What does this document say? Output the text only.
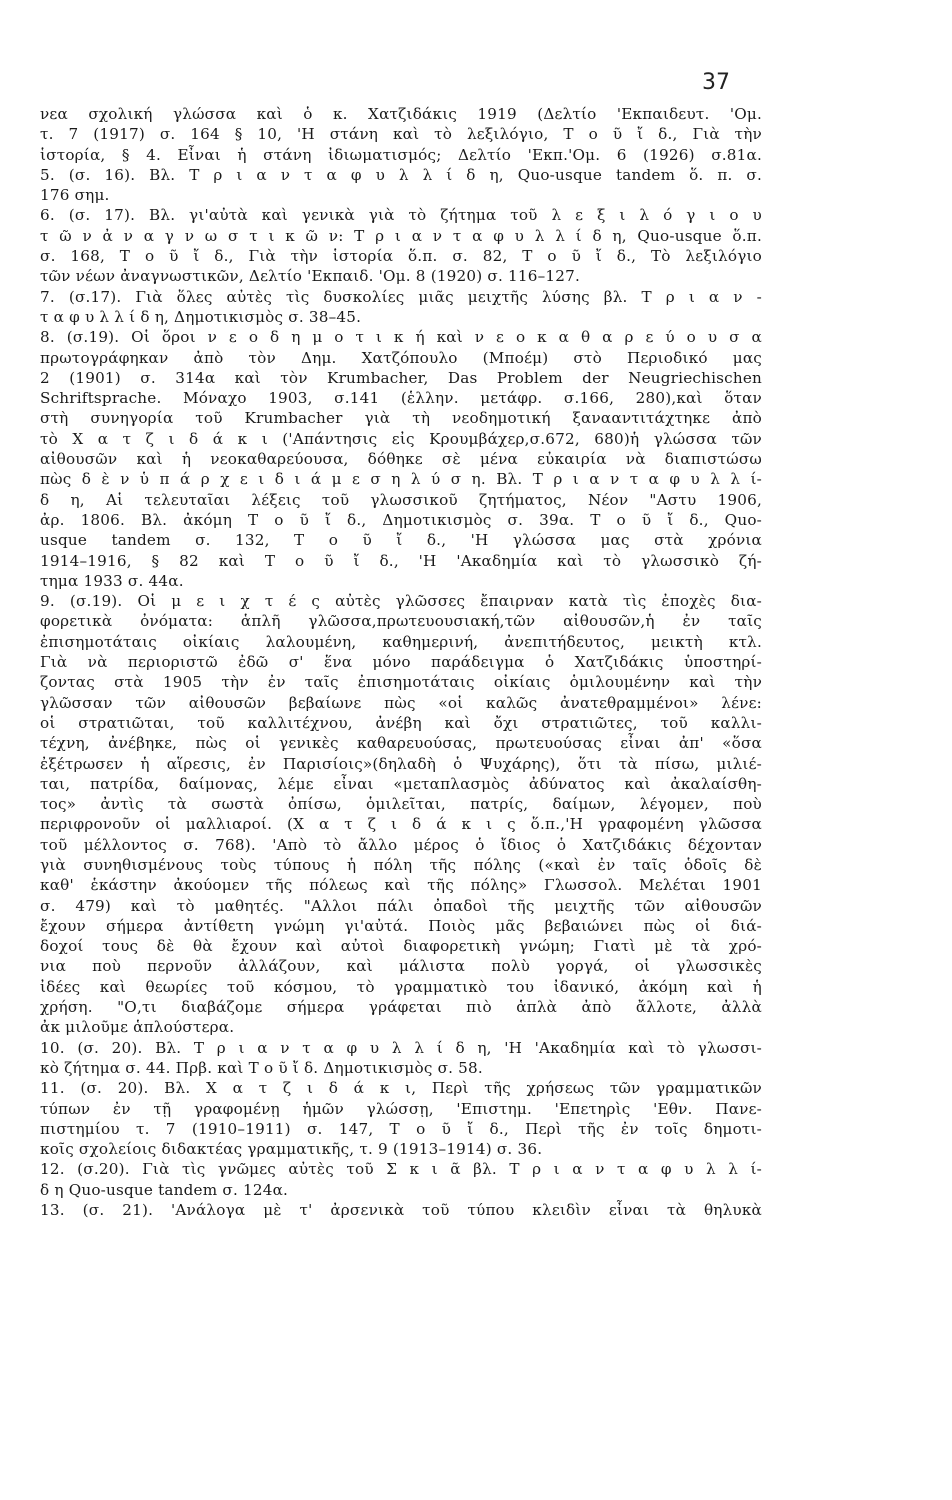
37
νεα σχολική γλώσσα καὶ ὁ κ. Χατζιδάκις 1919 (Δελτίο 'Εκπαιδευτ. 'Ομ.
τ. 7 (1917) σ. 164 § 10, 'Η στάνη καὶ τὸ λεξιλόγιο, Τ ο ῦ ἴ δ., Γιὰ τὴν
ἱστορία, § 4. Εἶναι ἡ στάνη ἰδιωματισμός; Δελτίο 'Εκπ.'Ομ. 6 (1926) σ.81α.
5. (σ. 16). Βλ. Τ ρ ι α ν τ α φ υ λ λ ί δ η, Quo-usque tandem ὅ. π. σ.
176 σημ.
6. (σ. 17). Βλ. γι'αὐτὰ καὶ γενικὰ γιὰ τὸ ζήτημα τοῦ λ ε ξ ι λ ό γ ι ο υ
τ ῶ ν ἀ ν α γ ν ω σ τ ι κ ῶ ν: Τ ρ ι α ν τ α φ υ λ λ ί δ η, Quo-usque ὅ.π.
σ. 168, Τ ο ῦ ἴ δ., Γιὰ τὴν ἱστορία ὅ.π. σ. 82, Τ ο ῦ ἴ δ., Τὸ λεξιλόγιο
τῶν νέων ἀναγνωστικῶν, Δελτίο 'Εκπαιδ. 'Ομ. 8 (1920) σ. 116–127.
7. (σ.17). Γιὰ ὅλες αὐτὲς τὶς δυσκολίες μιᾶς μειχτῆς λύσης βλ. Τ ρ ι α ν -
τ α φ υ λ λ ί δ η, Δημοτικισμὸς σ. 38–45.
8. (σ.19). Οἱ ὅροι ν ε ο δ η μ ο τ ι κ ή καὶ ν ε ο κ α θ α ρ ε ύ ο υ σ α
πρωτογράφηκαν ἀπὸ τὸν Δημ. Χατζόπουλο (Μποέμ) στὸ Περιοδικό μας
2 (1901) σ. 314α καὶ τὸν Krumbacher, Das Problem der Neugriechischen
Schriftsprache. Μόναχο 1903, σ.141 (ἑλλην. μετάφρ. σ.166, 280),καὶ ὅταν
στὴ συνηγορία τοῦ Krumbacher γιὰ τὴ νεοδημοτική ξανααντιτάχτηκε ἀπὸ
τὸ Χ α τ ζ ι δ ά κ ι ('Απάντησις εἰς Κρουμβάχερ,σ.672, 680)ἡ γλώσσα τῶν
αἰθουσῶν καὶ ἡ νεοκαθαρεύουσα, δόθηκε σὲ μένα εὐκαιρία νὰ διαπιστώσω
πὼς δ ὲ ν ὑ π ά ρ χ ε ι δ ι ά μ ε σ η λ ύ σ η. Βλ. Τ ρ ι α ν τ α φ υ λ λ ί-
δ η, Αἱ τελευταῖαι λέξεις τοῦ γλωσσικοῦ ζητήματος, Νέον "Αστυ 1906,
ἀρ. 1806. Βλ. ἀκόμη Τ ο ῦ ἴ δ., Δημοτικισμὸς σ. 39α. Τ ο ῦ ἴ δ., Quo-
usque tandem σ. 132, Τ ο ῦ ἴ δ., 'Η γλώσσα μας στὰ χρόνια
1914–1916, § 82 καὶ Τ ο ῦ ἴ δ., 'Η 'Ακαδημία καὶ τὸ γλωσσικὸ ζή-
τημα 1933 σ. 44α.
9. (σ.19). Οἱ μ ε ι χ τ έ ς αὐτὲς γλῶσσες ἔπαιρναν κατὰ τὶς ἐποχὲς δια-
φορετικὰ ὀνόματα: ἁπλῆ γλῶσσα,πρωτευουσιακή,τῶν αἰθουσῶν,ἡ ἐν ταῖς
ἐπισημοτάταις οἰκίαις λαλουμένη, καθημερινή, ἀνεπιτήδευτος, μεικτὴ κτλ.
Γιὰ νὰ περιοριστῶ ἐδῶ σ' ἕνα μόνο παράδειγμα ὁ Χατζιδάκις ὑποστηρί-
ζοντας στὰ 1905 τὴν ἐν ταῖς ἐπισημοτάταις οἰκίαις ὁμιλουμένην καὶ τὴν
γλῶσσαν τῶν αἰθουσῶν βεβαίωνε πὼς «οἱ καλῶς ἀνατεθραμμένοι» λένε:
οἱ στρατιῶται, τοῦ καλλιτέχνου, ἀνέβη καὶ ὄχι στρατιῶτες, τοῦ καλλι-
τέχνη, ἀνέβηκε, πὼς οἱ γενικὲς καθαρευούσας, πρωτευούσας εἶναι ἀπ' «ὅσα
ἐξέτρωσεν ἡ αἵρεσις, ἐν Παρισίοις»(δηλαδὴ ὁ Ψυχάρης), ὅτι τὰ πίσω, μιλιέ-
ται, πατρίδα, δαίμονας, λέμε εἶναι «μεταπλασμὸς ἀδύνατος καὶ ἀκαλαίσθη-
τος» ἀντὶς τὰ σωστὰ ὀπίσω, ὁμιλεῖται, πατρίς, δαίμων, λέγομεν, ποὺ
περιφρονοῦν οἱ μαλλιαροί. (Χ α τ ζ ι δ ά κ ι ς ὅ.π.,'Η γραφομένη γλῶσσα
τοῦ μέλλοντος σ. 768). 'Απὸ τὸ ἄλλο μέρος ὁ ἴδιος ὁ Χατζιδάκις δέχονταν
γιὰ συνηθισμένους τοὺς τύπους ἡ πόλη τῆς πόλης («καὶ ἐν ταῖς ὁδοῖς δὲ
καθ' ἑκάστην ἀκούομεν τῆς πόλεως καὶ τῆς πόλης» Γλωσσολ. Μελέται 1901
σ. 479) καὶ τὸ μαθητές. "Αλλοι πάλι ὀπαδοὶ τῆς μειχτῆς τῶν αἰθουσῶν
ἔχουν σήμερα ἀντίθετη γνώμη γι'αὐτά. Ποιὸς μᾶς βεβαιώνει πὼς οἱ διά-
δοχοί τους δὲ θὰ ἔχουν καὶ αὐτοὶ διαφορετικὴ γνώμη; Γιατὶ μὲ τὰ χρό-
νια ποὺ περνοῦν ἀλλάζουν, καὶ μάλιστα πολὺ γοργά, οἱ γλωσσικὲς
ἰδέες καὶ θεωρίες τοῦ κόσμου, τὸ γραμματικὸ του ἰδανικό, ἀκόμη καὶ ἡ
χρήση. "Ο,τι διαβάζομε σήμερα γράφεται πιὸ ἁπλὰ ἀπὸ ἄλλοτε, ἀλλὰ
ἀκ μιλοῦμε ἁπλούστερα.
10. (σ. 20). Βλ. Τ ρ ι α ν τ α φ υ λ λ ί δ η, 'Η 'Ακαδημία καὶ τὸ γλωσσι-
κὸ ζήτημα σ. 44. Πρβ. καὶ Τ ο ῦ ἴ δ. Δημοτικισμὸς σ. 58.
11. (σ. 20). Βλ. Χ α τ ζ ι δ ά κ ι, Περὶ τῆς χρήσεως τῶν γραμματικῶν
τύπων ἐν τῇ γραφομένῃ ἡμῶν γλώσσῃ, 'Επιστημ. 'Επετηρὶς 'Εθν. Πανε-
πιστημίου τ. 7 (1910–1911) σ. 147, Τ ο ῦ ἴ δ., Περὶ τῆς ἐν τοῖς δημοτι-
κοῖς σχολείοις διδακτέας γραμματικῆς, τ. 9 (1913–1914) σ. 36.
12. (σ.20). Γιὰ τὶς γνῶμες αὐτὲς τοῦ Σ κ ι ᾶ βλ. Τ ρ ι α ν τ α φ υ λ λ ί-
δ η Quo-usque tandem σ. 124α.
13. (σ. 21). 'Ανάλογα μὲ τ' ἀρσενικὰ τοῦ τύπου κλειδὶν εἶναι τὰ θηλυκὰ
